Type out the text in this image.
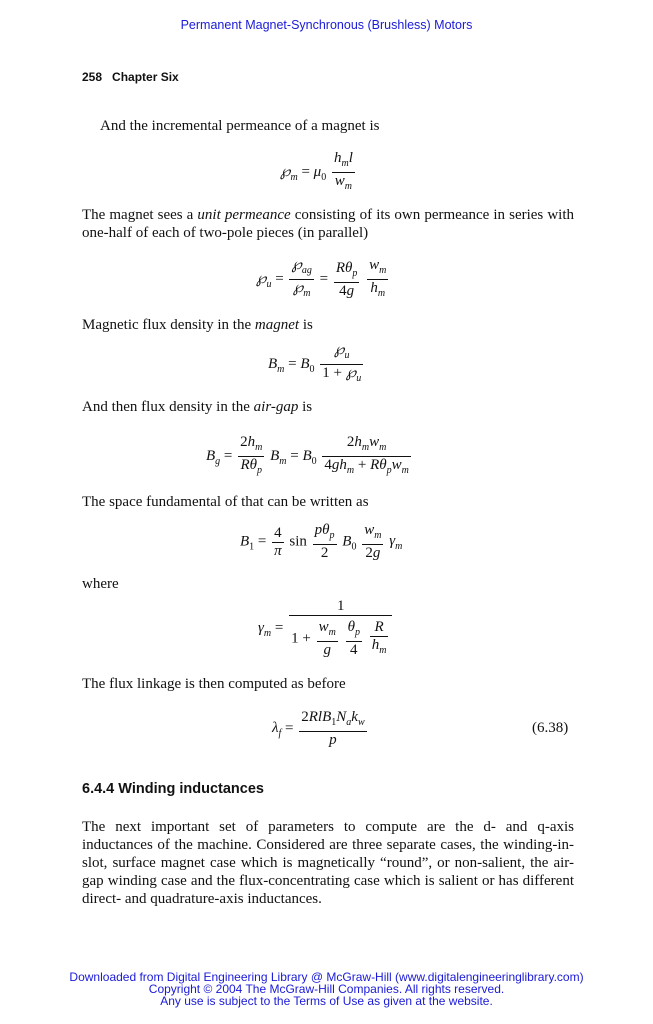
Permanent Magnet-Synchronous (Brushless) Motors
258 Chapter Six
And the incremental permeance of a magnet is
$℘_m = \mu_0 \frac{h_ml}{w_m}$
The magnet sees a unit permeance consisting of its own permeance in series with one-half of each of two-pole pieces (in parallel)
$℘_u = \frac{℘_{ag}}{℘_m} = \frac{R\theta_p}{4g}$
$\frac{w_m}{h_m}$
Magnetic flux density in the magnet is
$B_m = B_0 \frac{℘_u}{1 + ℘_u}$
And then flux density in the air-gap is
$B_g = \frac{2h_m}{R\theta_p} B_m = B_0 \frac{2h_mw_m}{4gh_m + R\theta_pw_m}$
The space fundamental of that can be written as
$B_1 = \frac{4}{\pi}$ $\sin \frac{p\theta_p}{2} B_0 \frac{w_m}{2g} \gamma_m$
where
$\gamma_m = 1$
$1 + \frac{w_m}{g}$
$\frac{\theta_p}{4}$
$\frac{R}{h_m}$
The flux linkage is then computed as before
$\lambda_f = \frac{2RlB_1N_ak_w}{p}$	(6.38)
6.4.4 Winding inductances
The next important set of parameters to compute are the d- and q-axis inductances of the machine. Considered are three separate cases, the winding-in-slot, surface magnet case which is magnetically “round”, or non-salient, the air-gap winding case and the flux-concentrating case which is salient or has different direct- and quadrature-axis inductances.
Downloaded from Digital Engineering Library @ McGraw-Hill (www.digitalengineeringlibrary.com)
Copyright © 2004 The McGraw-Hill Companies. All rights reserved.
Any use is subject to the Terms of Use as given at the website.
